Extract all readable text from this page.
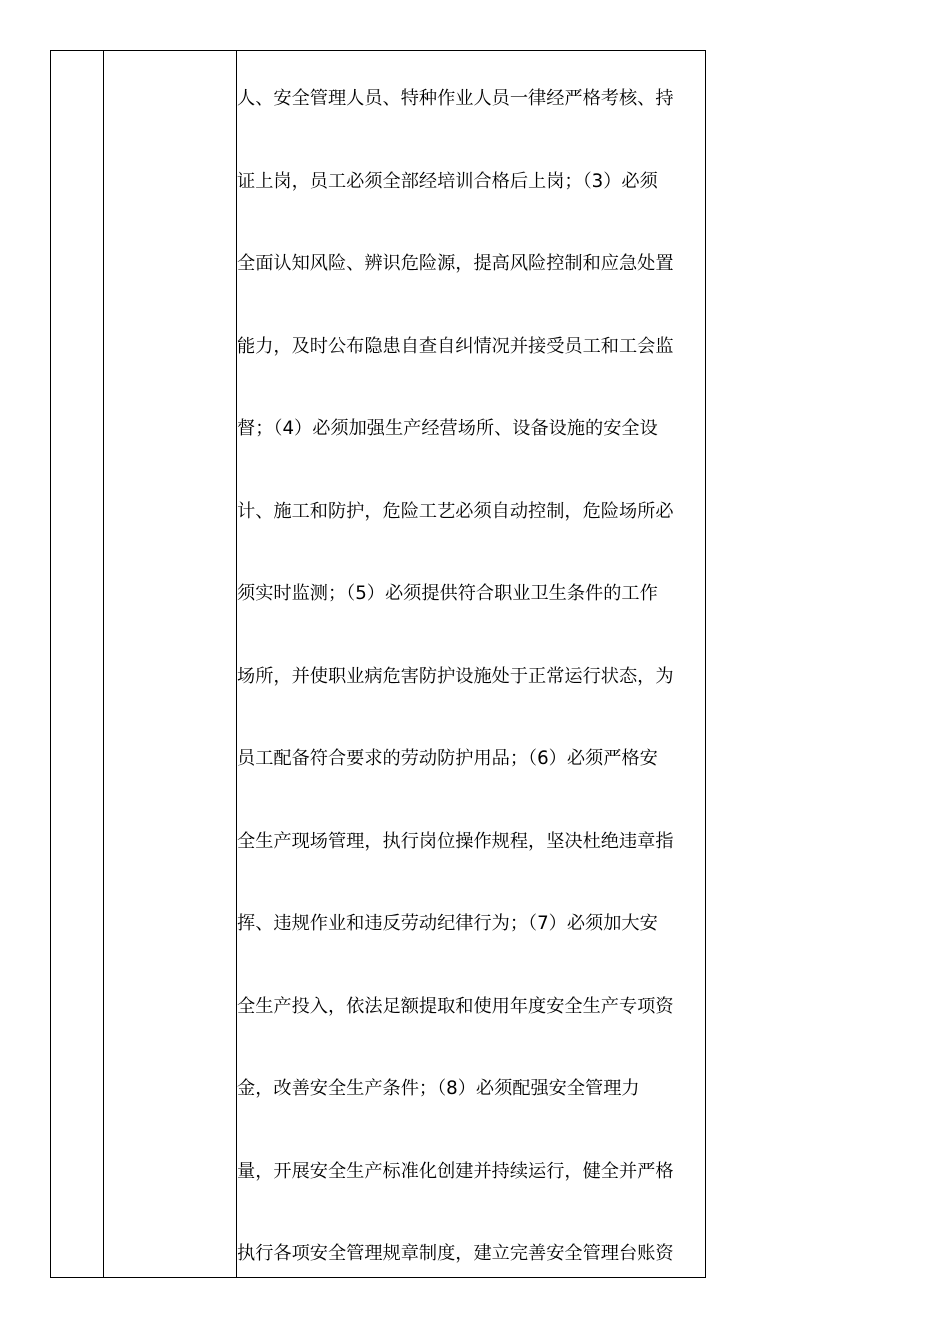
人、安全管理人员、特种作业人员一律经严格考核、持
证上岗，员工必须全部经培训合格后上岗；（3）必须
全面认知风险、辨识危险源，提高风险控制和应急处置
能力，及时公布隐患自查自纠情况并接受员工和工会监
督；（4）必须加强生产经营场所、设备设施的安全设
计、施工和防护，危险工艺必须自动控制，危险场所必
须实时监测；（5）必须提供符合职业卫生条件的工作
场所，并使职业病危害防护设施处于正常运行状态，为
员工配备符合要求的劳动防护用品；（6）必须严格安
全生产现场管理，执行岗位操作规程，坚决杜绝违章指
挥、违规作业和违反劳动纪律行为；（7）必须加大安
全生产投入，依法足额提取和使用年度安全生产专项资
金，改善安全生产条件；（8）必须配强安全管理力
量，开展安全生产标准化创建并持续运行，健全并严格
执行各项安全管理规章制度，建立完善安全管理台账资
